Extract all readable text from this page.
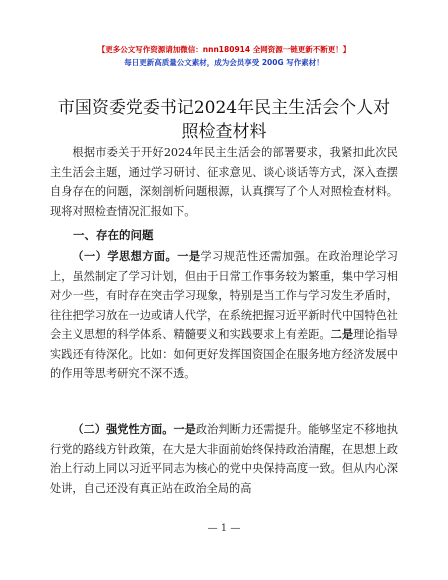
【更多公文写作资源请加微信：nnn180914 全网资源一链更新不断更！】
每日更新高质量公文素材，成为会员享受 200G 写作素材！
市国资委党委书记2024年民主生活会个人对照检查材料

根据市委关于开好2024年民主生活会的部署要求，我紧扣此次民主生活会主题，通过学习研讨、征求意见、谈心谈话等方式，深入查摆自身存在的问题，深刻剖析问题根源，认真撰写了个人对照检查材料。现将对照检查情况汇报如下。

一、存在的问题

（一）学思想方面。一是学习规范性还需加强。在政治理论学习上，虽然制定了学习计划，但由于日常工作事务较为繁重，集中学习相对少一些，有时存在突击学习现象，特别是当工作与学习发生矛盾时，往往把学习放在一边或请人代学，在系统把握习近平新时代中国特色社会主义思想的科学体系、精髓要义和实践要求上有差距。二是理论指导实践还有待深化。比如：如何更好发挥国资国企在服务地方经济发展中的作用等思考研究不深不透。

（二）强党性方面。一是政治判断力还需提升。能够坚定不移地执行党的路线方针政策，在大是大非面前始终保持政治清醒，在思想上政治上行动上同以习近平同志为核心的党中央保持高度一致。但从内心深处讲，自己还没有真正站在政治全局的高

— 1 —
